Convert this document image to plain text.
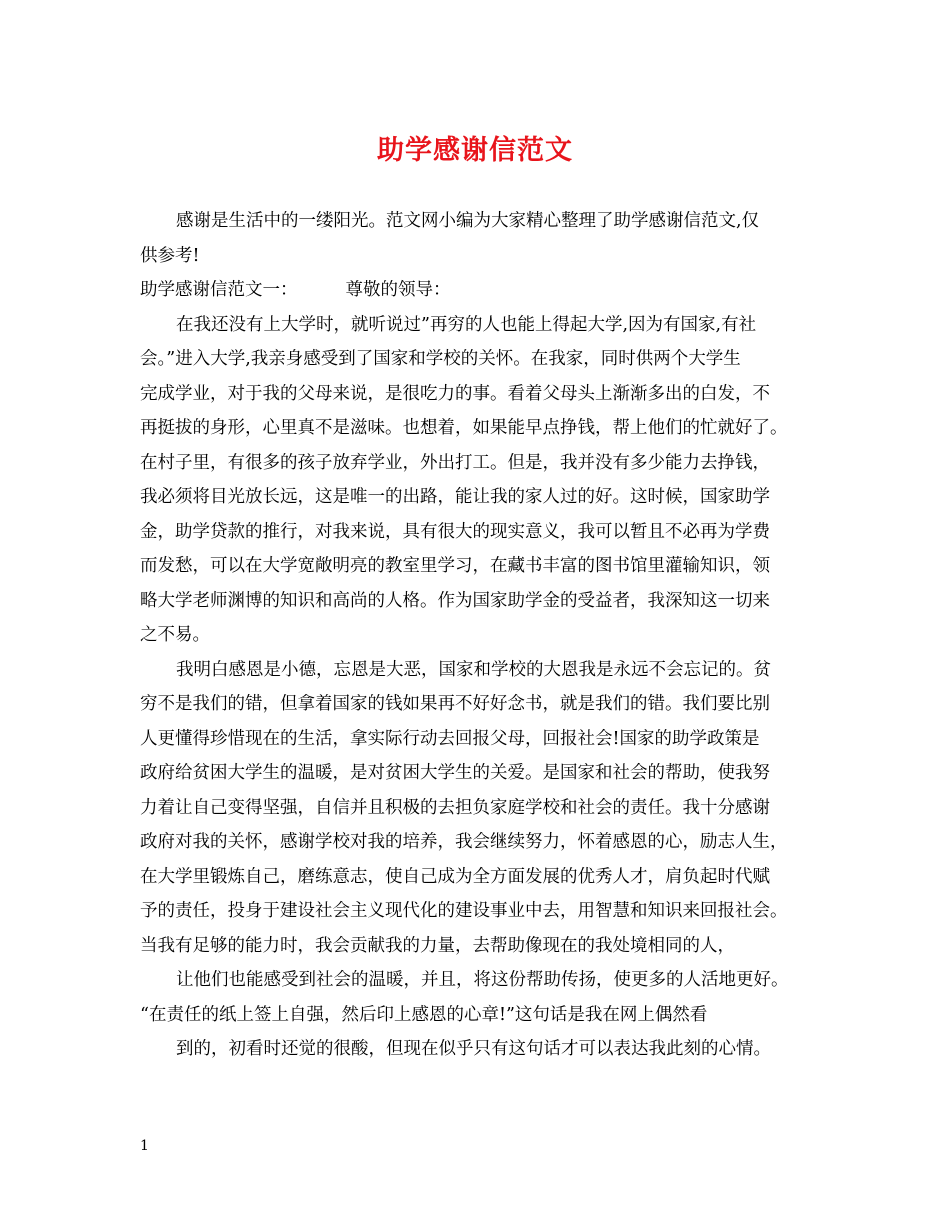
助学感谢信范文
感谢是生活中的一缕阳光。范文网小编为大家精心整理了助学感谢信范文,仅
供参考!
助学感谢信范文一：	尊敬的领导：
在我还没有上大学时，就听说过”再穷的人也能上得起大学,因为有国家,有社
会。”进入大学,我亲身感受到了国家和学校的关怀。在我家，同时供两个大学生
完成学业，对于我的父母来说，是很吃力的事。看着父母头上渐渐多出的白发，不
再挺拔的身形，心里真不是滋味。也想着，如果能早点挣钱，帮上他们的忙就好了。
在村子里，有很多的孩子放弃学业，外出打工。但是，我并没有多少能力去挣钱，
我必须将目光放长远，这是唯一的出路，能让我的家人过的好。这时候，国家助学
金，助学贷款的推行，对我来说，具有很大的现实意义，我可以暂且不必再为学费
而发愁，可以在大学宽敞明亮的教室里学习，在藏书丰富的图书馆里灌输知识，领
略大学老师渊博的知识和高尚的人格。作为国家助学金的受益者，我深知这一切来
之不易。
我明白感恩是小德，忘恩是大恶，国家和学校的大恩我是永远不会忘记的。贫
穷不是我们的错，但拿着国家的钱如果再不好好念书，就是我们的错。我们要比别
人更懂得珍惜现在的生活，拿实际行动去回报父母，回报社会!国家的助学政策是
政府给贫困大学生的温暖，是对贫困大学生的关爱。是国家和社会的帮助，使我努
力着让自己变得坚强，自信并且积极的去担负家庭学校和社会的责任。我十分感谢
政府对我的关怀，感谢学校对我的培养，我会继续努力，怀着感恩的心，励志人生，
在大学里锻炼自己，磨练意志，使自己成为全方面发展的优秀人才，肩负起时代赋
予的责任，投身于建设社会主义现代化的建设事业中去，用智慧和知识来回报社会。
当我有足够的能力时，我会贡献我的力量，去帮助像现在的我处境相同的人，
让他们也能感受到社会的温暖，并且，将这份帮助传扬，使更多的人活地更好。
“在责任的纸上签上自强，然后印上感恩的心章!”这句话是我在网上偶然看
到的，初看时还觉的很酸，但现在似乎只有这句话才可以表达我此刻的心情。
1
